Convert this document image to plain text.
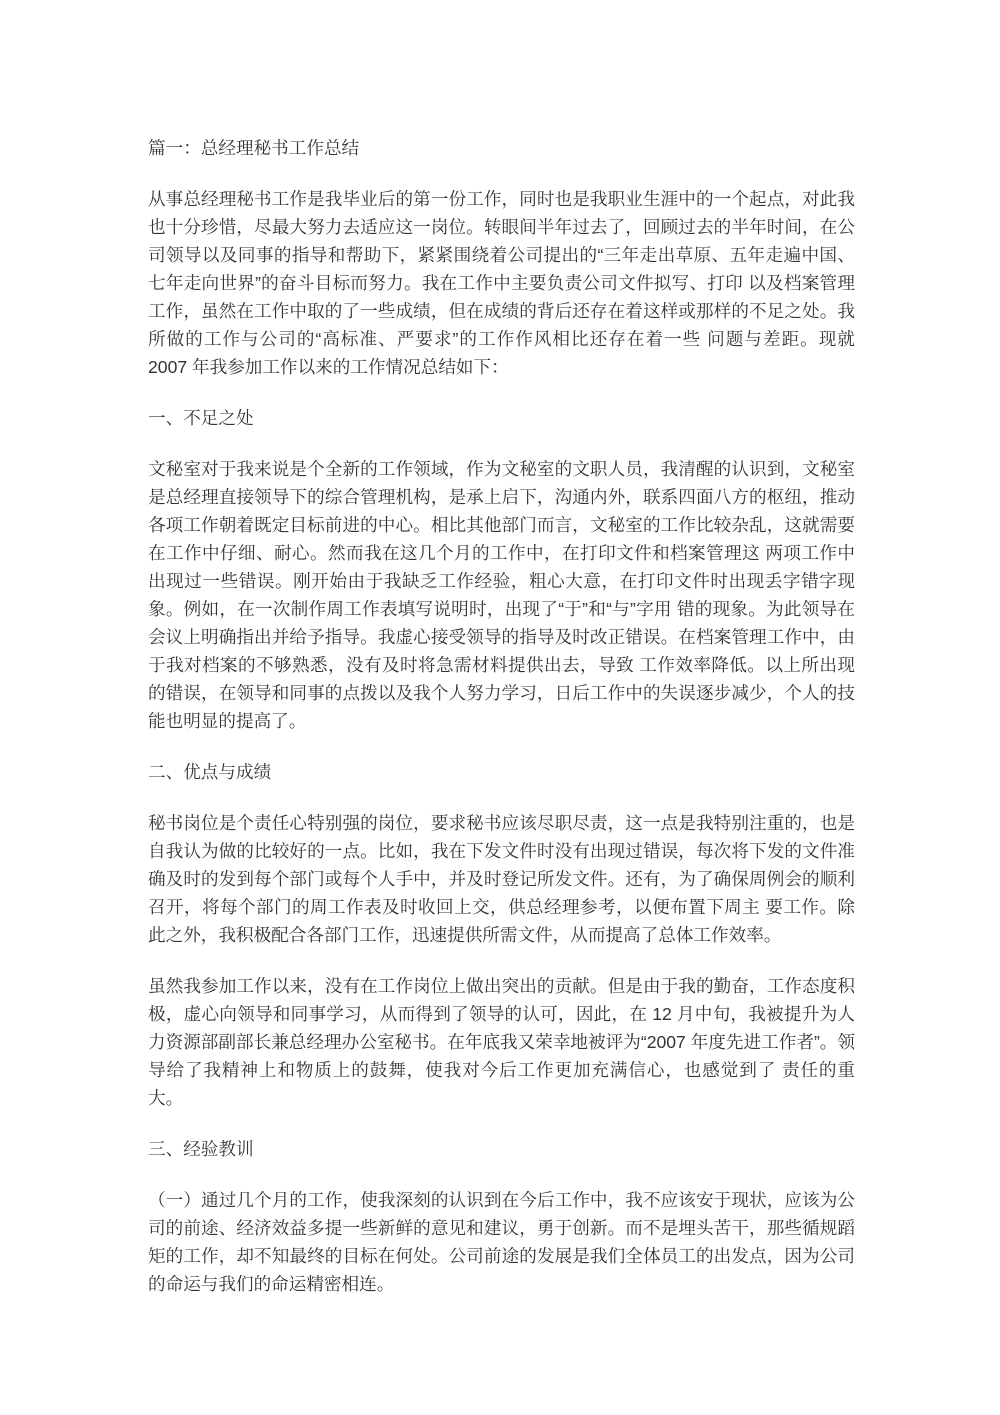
篇一：总经理秘书工作总结

从事总经理秘书工作是我毕业后的第一份工作，同时也是我职业生涯中的一个起点，对此我也十分珍惜，尽最大努力去适应这一岗位。转眼间半年过去了，回顾过去的半年时间，在公司领导以及同事的指导和帮助下，紧紧围绕着公司提出的“三年走出草原、五年走遍中国、七年走向世界”的奋斗目标而努力。我在工作中主要负责公司文件拟写、打印 以及档案管理工作，虽然在工作中取的了一些成绩，但在成绩的背后还存在着这样或那样的不足之处。我所做的工作与公司的“高标准、严要求”的工作作风相比还存在着一些 问题与差距。现就 2007 年我参加工作以来的工作情况总结如下：

一、不足之处

文秘室对于我来说是个全新的工作领域，作为文秘室的文职人员，我清醒的认识到，文秘室是总经理直接领导下的综合管理机构，是承上启下，沟通内外，联系四面八方的枢纽，推动各项工作朝着既定目标前进的中心。相比其他部门而言，文秘室的工作比较杂乱，这就需要在工作中仔细、耐心。然而我在这几个月的工作中，在打印文件和档案管理这 两项工作中出现过一些错误。刚开始由于我缺乏工作经验，粗心大意，在打印文件时出现丢字错字现象。例如，在一次制作周工作表填写说明时，出现了“于”和“与”字用 错的现象。为此领导在会议上明确指出并给予指导。我虚心接受领导的指导及时改正错误。在档案管理工作中，由于我对档案的不够熟悉，没有及时将急需材料提供出去，导致 工作效率降低。以上所出现的错误，在领导和同事的点拨以及我个人努力学习，日后工作中的失误逐步减少，个人的技能也明显的提高了。

二、优点与成绩

秘书岗位是个责任心特别强的岗位，要求秘书应该尽职尽责，这一点是我特别注重的，也是自我认为做的比较好的一点。比如，我在下发文件时没有出现过错误，每次将下发的文件准确及时的发到每个部门或每个人手中，并及时登记所发文件。还有，为了确保周例会的顺利召开，将每个部门的周工作表及时收回上交，供总经理参考，以便布置下周主 要工作。除此之外，我积极配合各部门工作，迅速提供所需文件，从而提高了总体工作效率。

虽然我参加工作以来，没有在工作岗位上做出突出的贡献。但是由于我的勤奋，工作态度积极，虚心向领导和同事学习，从而得到了领导的认可，因此，在 12 月中旬，我被提升为人力资源部副部长兼总经理办公室秘书。在年底我又荣幸地被评为“2007 年度先进工作者”。领导给了我精神上和物质上的鼓舞，使我对今后工作更加充满信心，也感觉到了 责任的重大。

三、经验教训

（一）通过几个月的工作，使我深刻的认识到在今后工作中，我不应该安于现状，应该为公司的前途、经济效益多提一些新鲜的意见和建议，勇于创新。而不是埋头苦干，那些循规蹈矩的工作，却不知最终的目标在何处。公司前途的发展是我们全体员工的出发点，因为公司的命运与我们的命运精密相连。
